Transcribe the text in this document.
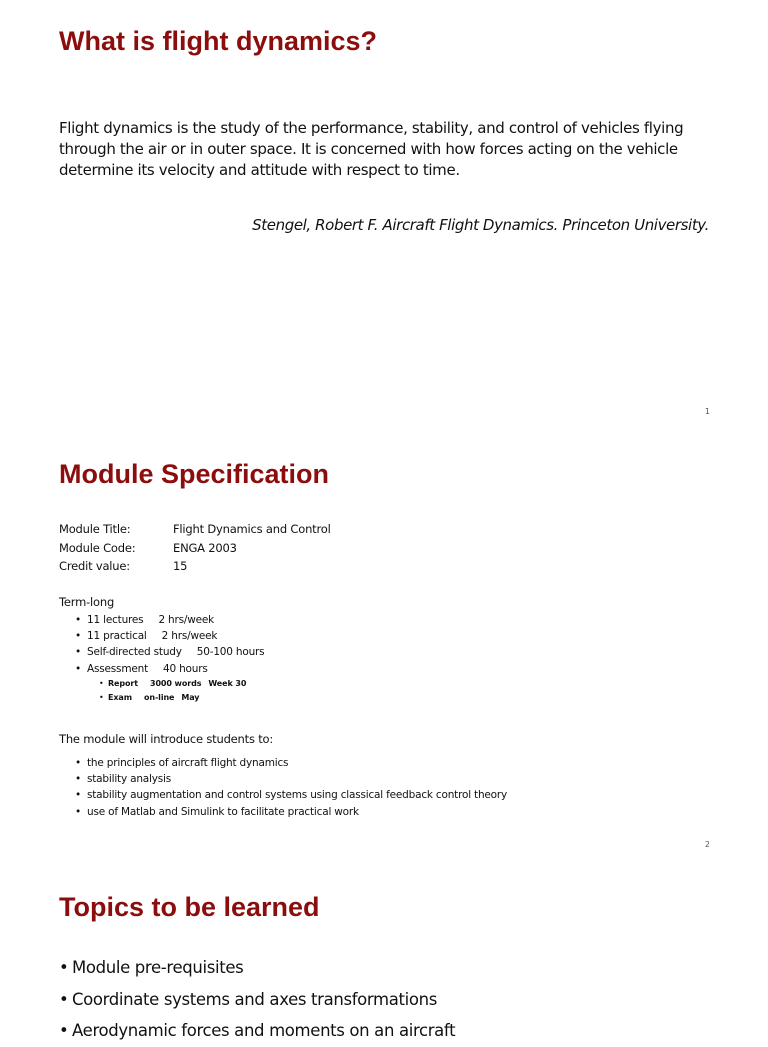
What is flight dynamics?

Flight dynamics is the study of the performance, stability, and control of vehicles flying through the air or in outer space. It is concerned with how forces acting on the vehicle determine its velocity and attitude with respect to time.

Stengel, Robert F. Aircraft Flight Dynamics. Princeton University.

1
Module Specification
Module Title:	Flight Dynamics and Control
Module Code:	ENGA 2003
Credit value:	15

Term-long

• 11 lectures 2 hrs/week
• 11 practical 2 hrs/week
• Self-directed study 50-100 hours
• Assessment 40 hours
• Report 3000 words Week 30
• Exam on-line May

The module will introduce students to:

• the principles of aircraft flight dynamics
• stability analysis
• stability augmentation and control systems using classical feedback control theory
• use of Matlab and Simulink to facilitate practical work
2
Topics to be learned
• Module pre-requisites
• Coordinate systems and axes transformations
• Aerodynamic forces and moments on an aircraft
